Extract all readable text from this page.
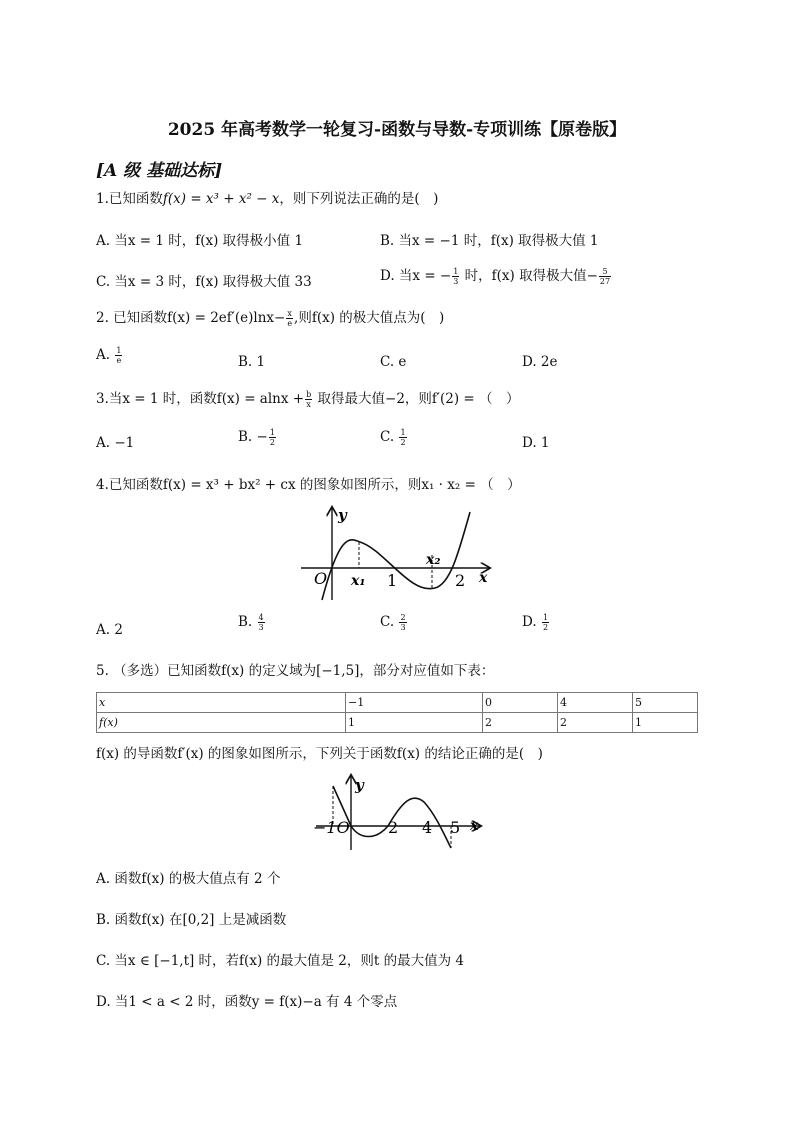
2025 年高考数学一轮复习-函数与导数-专项训练【原卷版】
[A 级 基础达标]
1.已知函数f(x) = x³ + x² − x，则下列说法正确的是(　)
A. 当x = 1 时，f(x) 取得极小值 1	B. 当x = −1 时，f(x) 取得极大值 1
C. 当x = 3 时，f(x) 取得极大值 33	D. 当x = − $\frac{1}{3}$ 时，f(x) 取得极大值− $\frac{5}{27}$
2. 已知函数$f(x) = 2ef'(e)\ln x- \frac{x}{e}$ ,则f(x) 的极大值点为(　)
A. $\frac{1}{e}$	B. 1	C. e	D. 2e
3.当x = 1 时，函数$f(x) = alnx + \frac{b}{x}$ 取得最大值−2，则f′(2) = （　）
A. −1	B. − $\frac{1}{2}$	C. $\frac{1}{2}$	D. 1
4.已知函数f(x) = x³ + bx² + cx 的图象如图所示，则x₁ · x₂ = （　）
y
O x₁ 1
x₂
2 x
A. 2	B. $\frac{4}{3}$	C. $\frac{2}{3}$	D. $\frac{1}{2}$
5. （多选）已知函数f(x) 的定义域为[−1,5]，部分对应值如下表：
x	−1	0	4	5
f(x)	1	2	2	1
f(x) 的导函数f′(x) 的图象如图所示，下列关于函数f(x) 的结论正确的是(　)
y
−1O 2 4 5 x
A. 函数f(x) 的极大值点有 2 个
B. 函数f(x) 在[0,2] 上是减函数
C. 当x ∈ [−1,t] 时，若f(x) 的最大值是 2，则t 的最大值为 4
D. 当1 < a < 2 时，函数y = f(x)−a 有 4 个零点
